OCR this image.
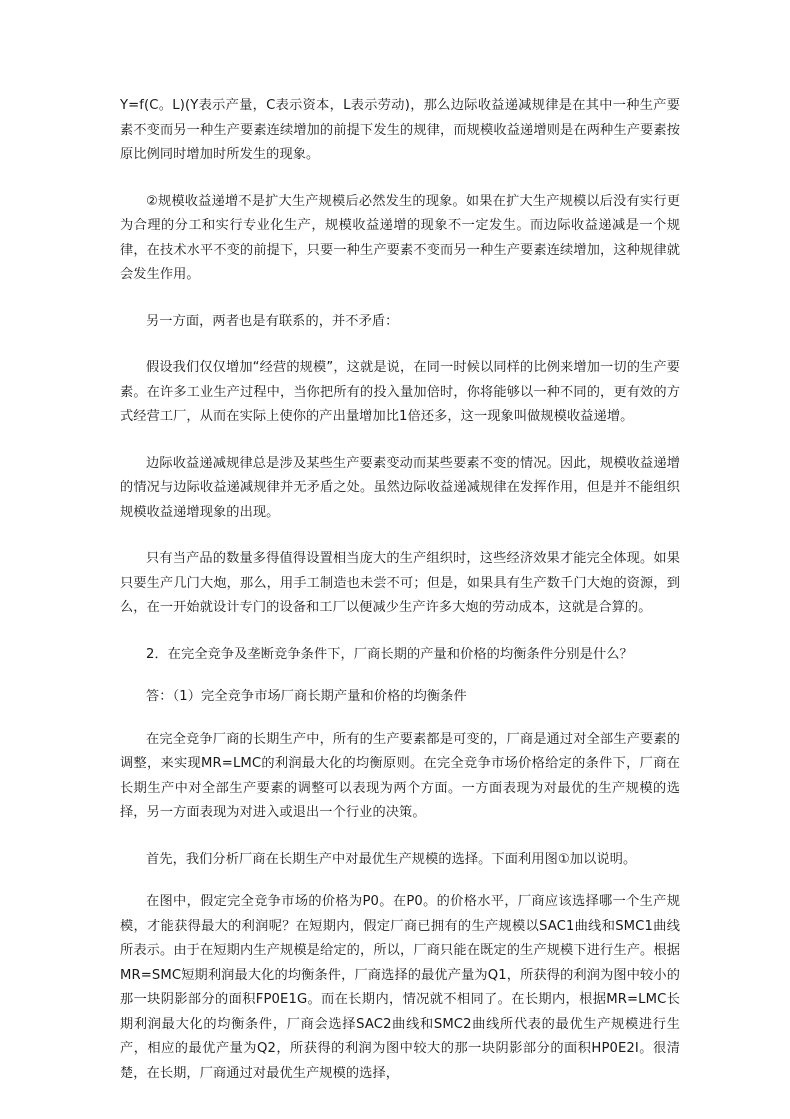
Y=f(C。L)(Y表示产量，C表示资本，L表示劳动)，那么边际收益递减规律是在其中一种生产要素不变而另一种生产要素连续增加的前提下发生的规律，而规模收益递增则是在两种生产要素按原比例同时增加时所发生的现象。

②规模收益递增不是扩大生产规模后必然发生的现象。如果在扩大生产规模以后没有实行更为合理的分工和实行专业化生产，规模收益递增的现象不一定发生。而边际收益递减是一个规律，在技术水平不变的前提下，只要一种生产要素不变而另一种生产要素连续增加，这种规律就会发生作用。

另一方面，两者也是有联系的，并不矛盾：

假设我们仅仅增加“经营的规模”，这就是说，在同一时候以同样的比例来增加一切的生产要素。在许多工业生产过程中，当你把所有的投入量加倍时，你将能够以一种不同的，更有效的方式经营工厂，从而在实际上使你的产出量增加比1倍还多，这一现象叫做规模收益递增。

边际收益递减规律总是涉及某些生产要素变动而某些要素不变的情况。因此，规模收益递增的情况与边际收益递减规律并无矛盾之处。虽然边际收益递减规律在发挥作用，但是并不能组织规模收益递增现象的出现。

只有当产品的数量多得值得设置相当庞大的生产组织时，这些经济效果才能完全体现。如果只要生产几门大炮，那么，用手工制造也未尝不可；但是，如果具有生产数千门大炮的资源，到么，在一开始就设计专门的设备和工厂以便减少生产许多大炮的劳动成本，这就是合算的。

2．在完全竞争及垄断竞争条件下，厂商长期的产量和价格的均衡条件分别是什么？

答：（1）完全竞争市场厂商长期产量和价格的均衡条件

在完全竞争厂商的长期生产中，所有的生产要素都是可变的，厂商是通过对全部生产要素的调整，来实现MR=LMC的利润最大化的均衡原则。在完全竞争市场价格给定的条件下，厂商在长期生产中对全部生产要素的调整可以表现为两个方面。一方面表现为对最优的生产规模的选择，另一方面表现为对进入或退出一个行业的决策。

首先，我们分析厂商在长期生产中对最优生产规模的选择。下面利用图①加以说明。

在图中，假定完全竞争市场的价格为P0。在P0。的价格水平，厂商应该选择哪一个生产规模，才能获得最大的利润呢？在短期内，假定厂商已拥有的生产规模以SAC1曲线和SMC1曲线所表示。由于在短期内生产规模是给定的，所以，厂商只能在既定的生产规模下进行生产。根据MR=SMC短期利润最大化的均衡条件，厂商选择的最优产量为Q1，所获得的利润为图中较小的那一块阴影部分的面积FP0E1G。而在长期内，情况就不相同了。在长期内，根据MR=LMC长期利润最大化的均衡条件，厂商会选择SAC2曲线和SMC2曲线所代表的最优生产规模进行生产，相应的最优产量为Q2，所获得的利润为图中较大的那一块阴影部分的面积HP0E2I。很清楚，在长期，厂商通过对最优生产规模的选择，
